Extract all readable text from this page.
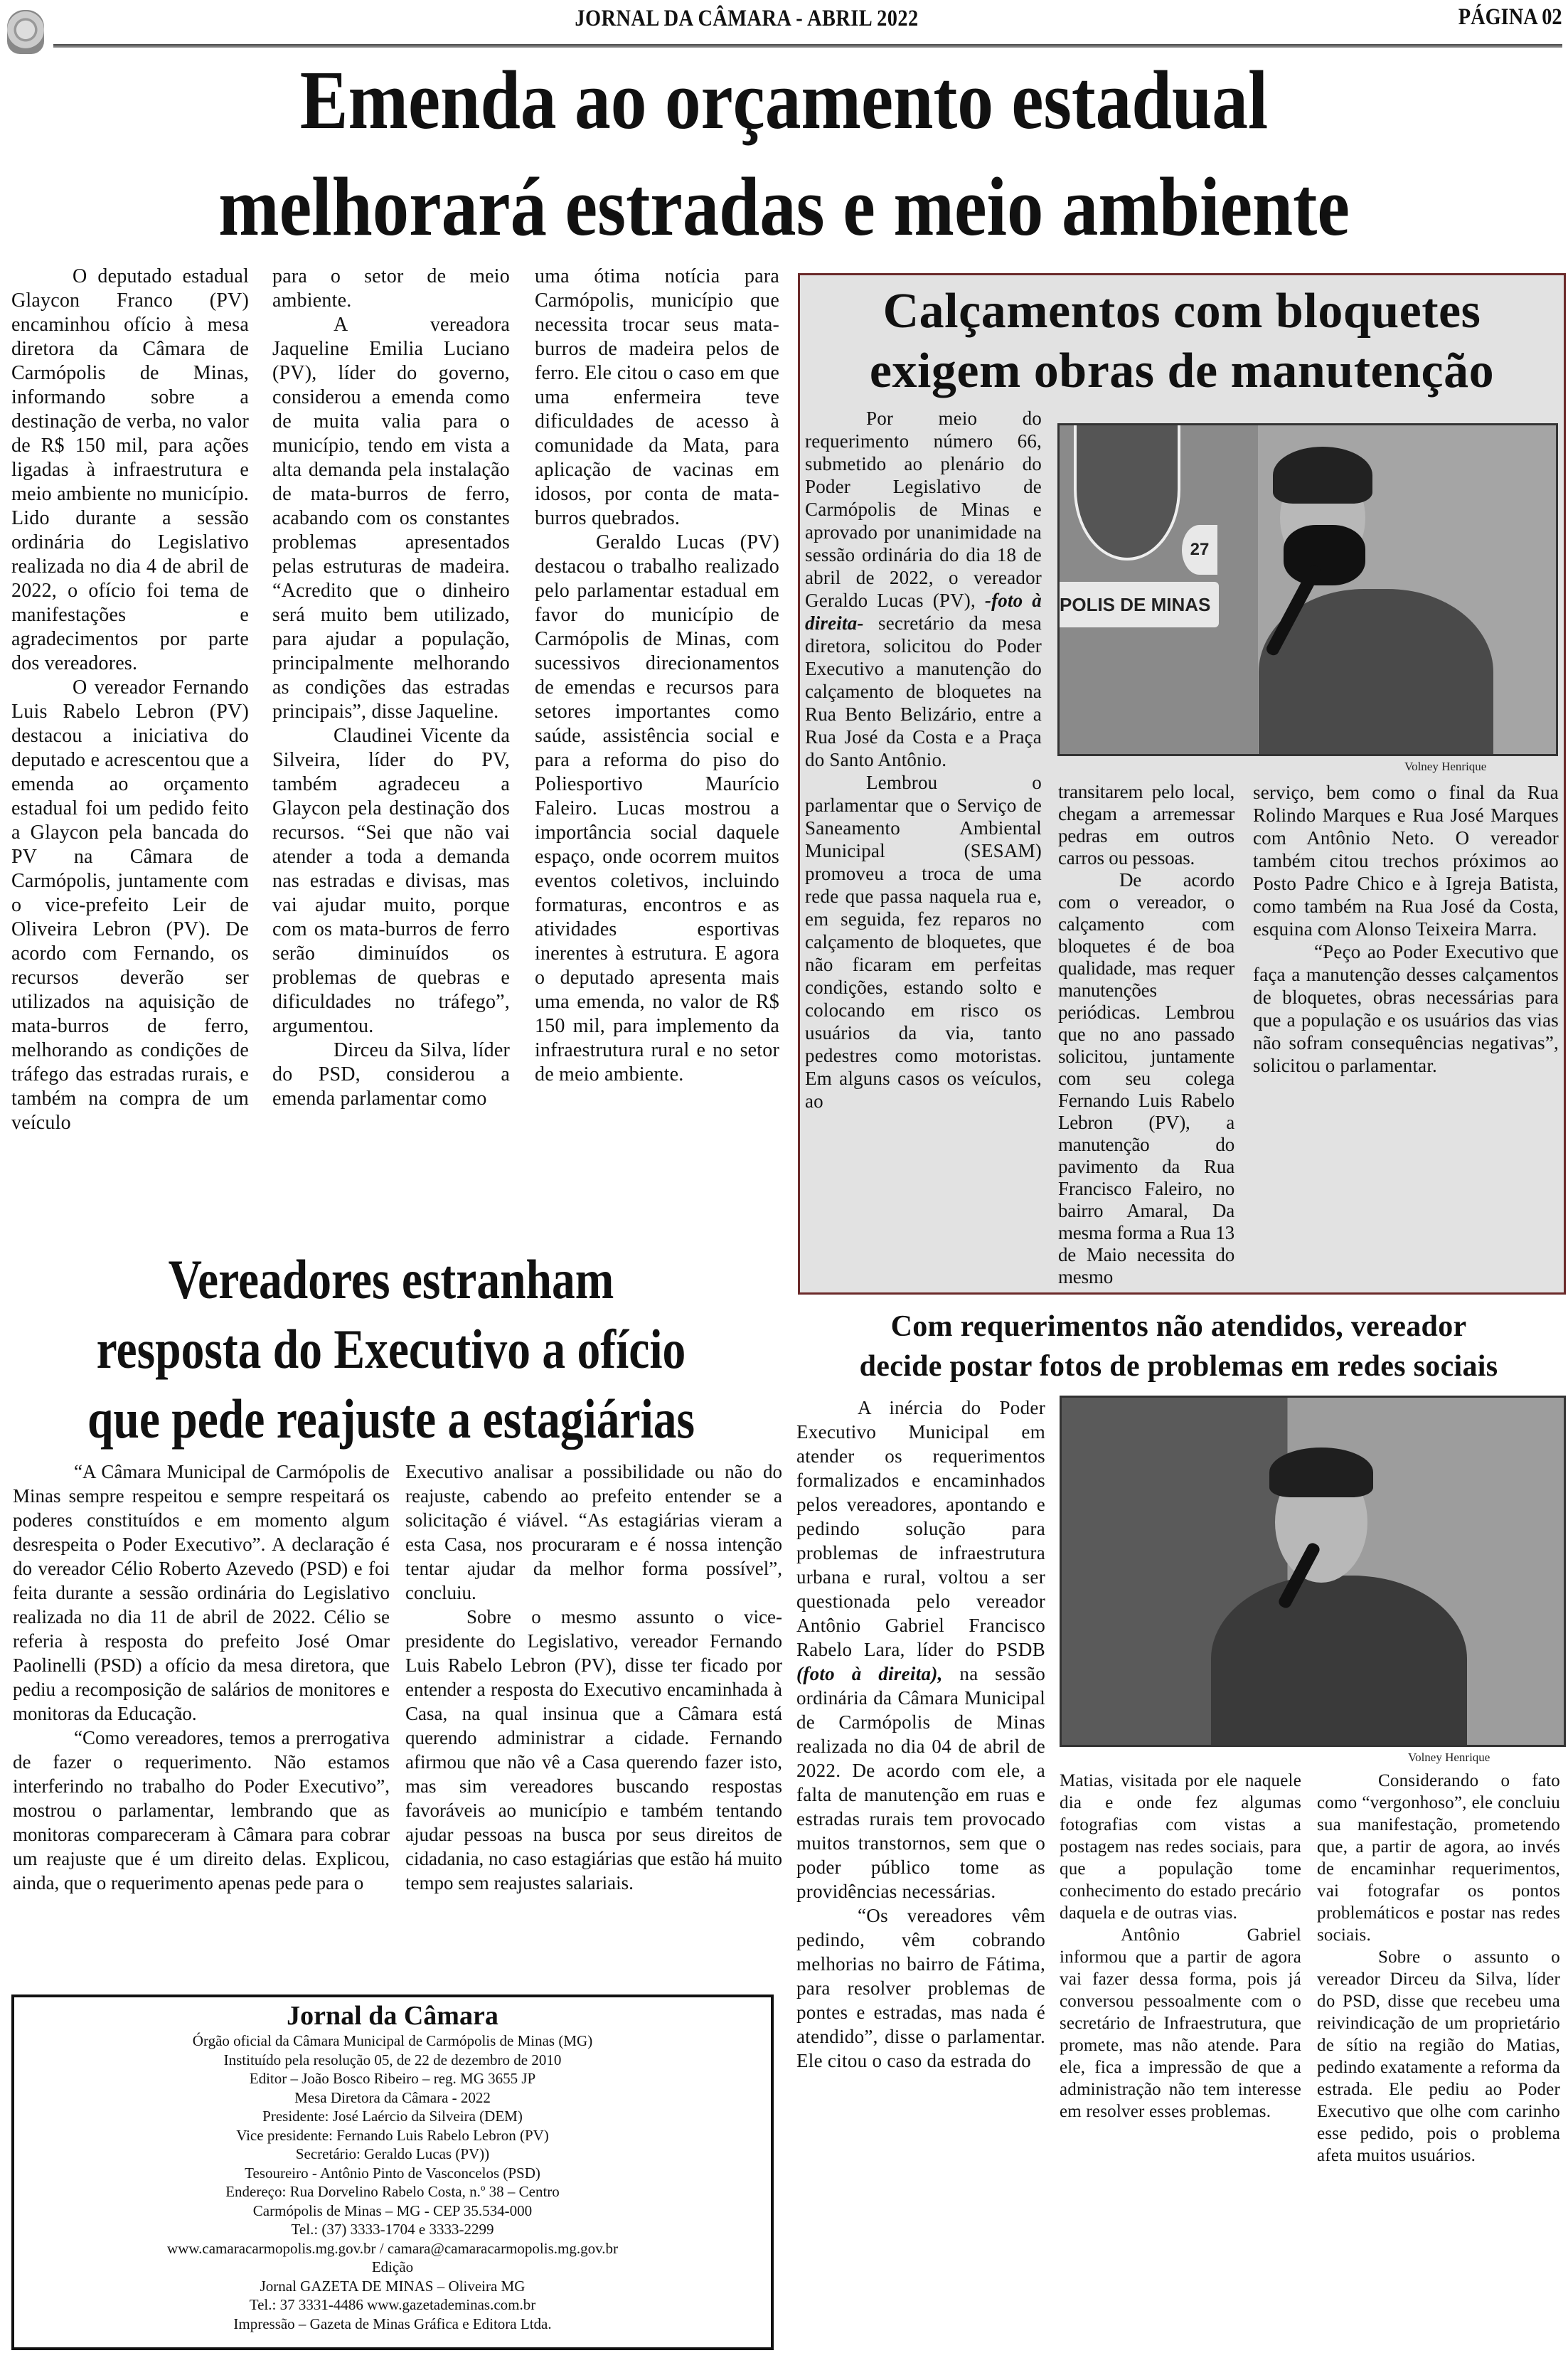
JORNAL DA CÂMARA - ABRIL 2022	PÁGINA 02
Emenda ao orçamento estadual
melhorará estradas e meio ambiente

O deputado estadual Glaycon Franco (PV) encaminhou ofício à mesa diretora da Câmara de Carmópolis de Minas, informando sobre a destinação de verba, no valor de R$ 150 mil, para ações ligadas à infraestrutura e meio ambiente no município. Lido durante a sessão ordinária do Legislativo realizada no dia 4 de abril de 2022, o ofício foi tema de manifestações e agradecimentos por parte dos vereadores.

O vereador Fernando Luis Rabelo Lebron (PV) destacou a iniciativa do deputado e acrescentou que a emenda ao orçamento estadual foi um pedido feito a Glaycon pela bancada do PV na Câmara de Carmópolis, juntamente com o vice-prefeito Leir de Oliveira Lebron (PV). De acordo com Fernando, os recursos deverão ser utilizados na aquisição de mata-burros de ferro, melhorando as condições de tráfego das estradas rurais, e também na compra de um veículo

para o setor de meio ambiente.

A vereadora Jaqueline Emilia Luciano (PV), líder do governo, considerou a emenda como de muita valia para o município, tendo em vista a alta demanda pela instalação de mata-burros de ferro, acabando com os constantes problemas apresentados pelas estruturas de madeira. “Acredito que o dinheiro será muito bem utilizado, para ajudar a população, principalmente melhorando as condições das estradas principais”, disse Jaqueline.

Claudinei Vicente da Silveira, líder do PV, também agradeceu a Glaycon pela destinação dos recursos. “Sei que não vai atender a toda a demanda nas estradas e divisas, mas vai ajudar muito, porque com os mata-burros de ferro serão diminuídos os problemas de quebras e dificuldades no tráfego”, argumentou.

Dirceu da Silva, líder do PSD, considerou a emenda parlamentar como

uma ótima notícia para Carmópolis, município que necessita trocar seus mata-burros de madeira pelos de ferro. Ele citou o caso em que uma enfermeira teve dificuldades de acesso à comunidade da Mata, para aplicação de vacinas em idosos, por conta de mata-burros quebrados.

Geraldo Lucas (PV) destacou o trabalho realizado pelo parlamentar estadual em favor do município de Carmópolis de Minas, com sucessivos direcionamentos de emendas e recursos para setores importantes como saúde, assistência social e para a reforma do piso do Poliesportivo Maurício Faleiro. Lucas mostrou a importância social daquele espaço, onde ocorrem muitos eventos coletivos, incluindo formaturas, encontros e as atividades esportivas inerentes à estrutura. E agora o deputado apresenta mais uma emenda, no valor de R$ 150 mil, para implemento da infraestrutura rural e no setor de meio ambiente.

Calçamentos com bloquetes
exigem obras de manutenção
POLIS DE MINAS
27
Volney Henrique

Por meio do requerimento número 66, submetido ao plenário do Poder Legislativo de Carmópolis de Minas e aprovado por unanimidade na sessão ordinária do dia 18 de abril de 2022, o vereador Geraldo Lucas (PV), -foto à direita- secretário da mesa diretora, solicitou do Poder Executivo a manutenção do calçamento de bloquetes na Rua Bento Belizário, entre a Rua José da Costa e a Praça do Santo Antônio.

Lembrou o parlamentar que o Serviço de Saneamento Ambiental Municipal (SESAM) promoveu a troca de uma rede que passa naquela rua e, em seguida, fez reparos no calçamento de bloquetes, que não ficaram em perfeitas condições, estando solto e colocando em risco os usuários da via, tanto pedestres como motoristas. Em alguns casos os veículos, ao

transitarem pelo local, chegam a arremessar pedras em outros carros ou pessoas.

De acordo com o vereador, o calçamento com bloquetes é de boa qualidade, mas requer manutenções periódicas. Lembrou que no ano passado solicitou, juntamente com seu colega Fernando Luis Rabelo Lebron (PV), a manutenção do pavimento da Rua Francisco Faleiro, no bairro Amaral, Da mesma forma a Rua 13 de Maio necessita do mesmo

serviço, bem como o final da Rua Rolindo Marques e Rua José Marques com Antônio Neto. O vereador também citou trechos próximos ao Posto Padre Chico e à Igreja Batista, como também na Rua José da Costa, esquina com Alonso Teixeira Marra.

“Peço ao Poder Executivo que faça a manutenção desses calçamentos de bloquetes, obras necessárias para que a população e os usuários das vias não sofram consequências negativas”, solicitou o parlamentar.

Vereadores estranham
resposta do Executivo a ofício
que pede reajuste a estagiárias

“A Câmara Municipal de Carmópolis de Minas sempre respeitou e sempre respeitará os poderes constituídos e em momento algum desrespeita o Poder Executivo”. A declaração é do vereador Célio Roberto Azevedo (PSD) e foi feita durante a sessão ordinária do Legislativo realizada no dia 11 de abril de 2022. Célio se referia à resposta do prefeito José Omar Paolinelli (PSD) a ofício da mesa diretora, que pediu a recomposição de salários de monitores e monitoras da Educação.

“Como vereadores, temos a prerrogativa de fazer o requerimento. Não estamos interferindo no trabalho do Poder Executivo”, mostrou o parlamentar, lembrando que as monitoras compareceram à Câmara para cobrar um reajuste que é um direito delas. Explicou, ainda, que o requerimento apenas pede para o

Executivo analisar a possibilidade ou não do reajuste, cabendo ao prefeito entender se a solicitação é viável. “As estagiárias vieram a esta Casa, nos procuraram e é nossa intenção tentar ajudar da melhor forma possível”, concluiu.

Sobre o mesmo assunto o vice-presidente do Legislativo, vereador Fernando Luis Rabelo Lebron (PV), disse ter ficado por entender a resposta do Executivo encaminhada à Casa, na qual insinua que a Câmara está querendo administrar a cidade. Fernando afirmou que não vê a Casa querendo fazer isto, mas sim vereadores buscando respostas favoráveis ao município e também tentando ajudar pessoas na busca por seus direitos de cidadania, no caso estagiárias que estão há muito tempo sem reajustes salariais.

Jornal da Câmara
Órgão oficial da Câmara Municipal de Carmópolis de Minas (MG)
Instituído pela resolução 05, de 22 de dezembro de 2010
Editor – João Bosco Ribeiro – reg. MG 3655 JP
Mesa Diretora da Câmara - 2022
Presidente: José Laércio da Silveira (DEM)
Vice presidente: Fernando Luis Rabelo Lebron (PV)
Secretário: Geraldo Lucas (PV))
Tesoureiro - Antônio Pinto de Vasconcelos (PSD)
Endereço: Rua Dorvelino Rabelo Costa, n.º 38 – Centro
Carmópolis de Minas – MG - CEP 35.534-000
Tel.: (37) 3333-1704 e 3333-2299
www.camaracarmopolis.mg.gov.br / camara@camaracarmopolis.mg.gov.br
Edição
Jornal GAZETA DE MINAS – Oliveira MG
Tel.: 37 3331-4486 www.gazetademinas.com.br
Impressão – Gazeta de Minas Gráfica e Editora Ltda.
Com requerimentos não atendidos, vereador
decide postar fotos de problemas em redes sociais
Volney Henrique

A inércia do Poder Executivo Municipal em atender os requerimentos formalizados e encaminhados pelos vereadores, apontando e pedindo solução para problemas de infraestrutura urbana e rural, voltou a ser questionada pelo vereador Antônio Gabriel Francisco Rabelo Lara, líder do PSDB (foto à direita), na sessão ordinária da Câmara Municipal de Carmópolis de Minas realizada no dia 04 de abril de 2022. De acordo com ele, a falta de manutenção em ruas e estradas rurais tem provocado muitos transtornos, sem que o poder público tome as providências necessárias.

“Os vereadores vêm pedindo, vêm cobrando melhorias no bairro de Fátima, para resolver problemas de pontes e estradas, mas nada é atendido”, disse o parlamentar. Ele citou o caso da estrada do

Matias, visitada por ele naquele dia e onde fez algumas fotografias com vistas a postagem nas redes sociais, para que a população tome conhecimento do estado precário daquela e de outras vias.

Antônio Gabriel informou que a partir de agora vai fazer dessa forma, pois já conversou pessoalmente com o secretário de Infraestrutura, que promete, mas não atende. Para ele, fica a impressão de que a administração não tem interesse em resolver esses problemas.

Considerando o fato como “vergonhoso”, ele concluiu sua manifestação, prometendo que, a partir de agora, ao invés de encaminhar requerimentos, vai fotografar os pontos problemáticos e postar nas redes sociais.

Sobre o assunto o vereador Dirceu da Silva, líder do PSD, disse que recebeu uma reivindicação de um proprietário de sítio na região do Matias, pedindo exatamente a reforma da estrada. Ele pediu ao Poder Executivo que olhe com carinho esse pedido, pois o problema afeta muitos usuários.
